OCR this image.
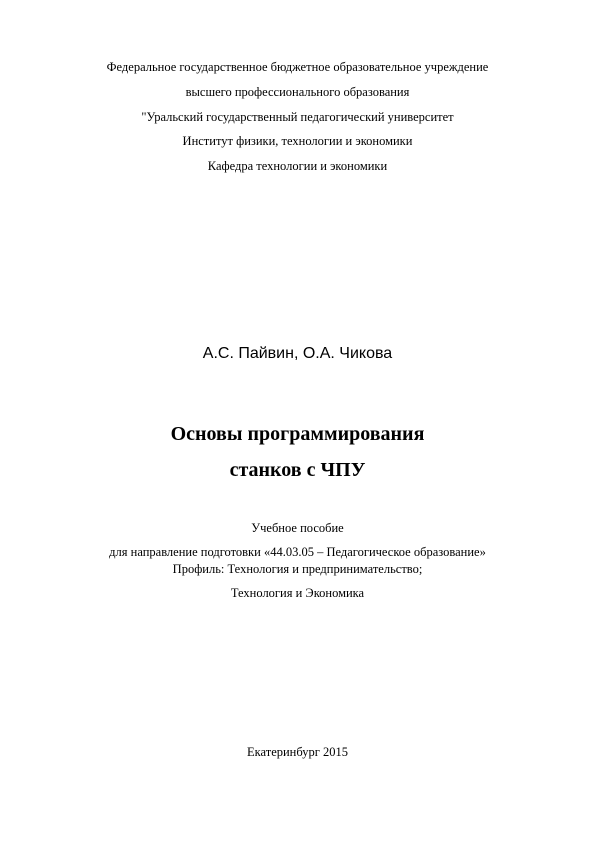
Федеральное государственное бюджетное образовательное учреждение
высшего профессионального образования
"Уральский государственный педагогический университет
Институт физики, технологии и экономики
Кафедра технологии и экономики
А.С. Пайвин, О.А. Чикова
Основы программирования
станков с ЧПУ
Учебное пособие
для направление подготовки «44.03.05 – Педагогическое образование»
Профиль: Технология и предпринимательство;
Технология и Экономика
Екатеринбург 2015
